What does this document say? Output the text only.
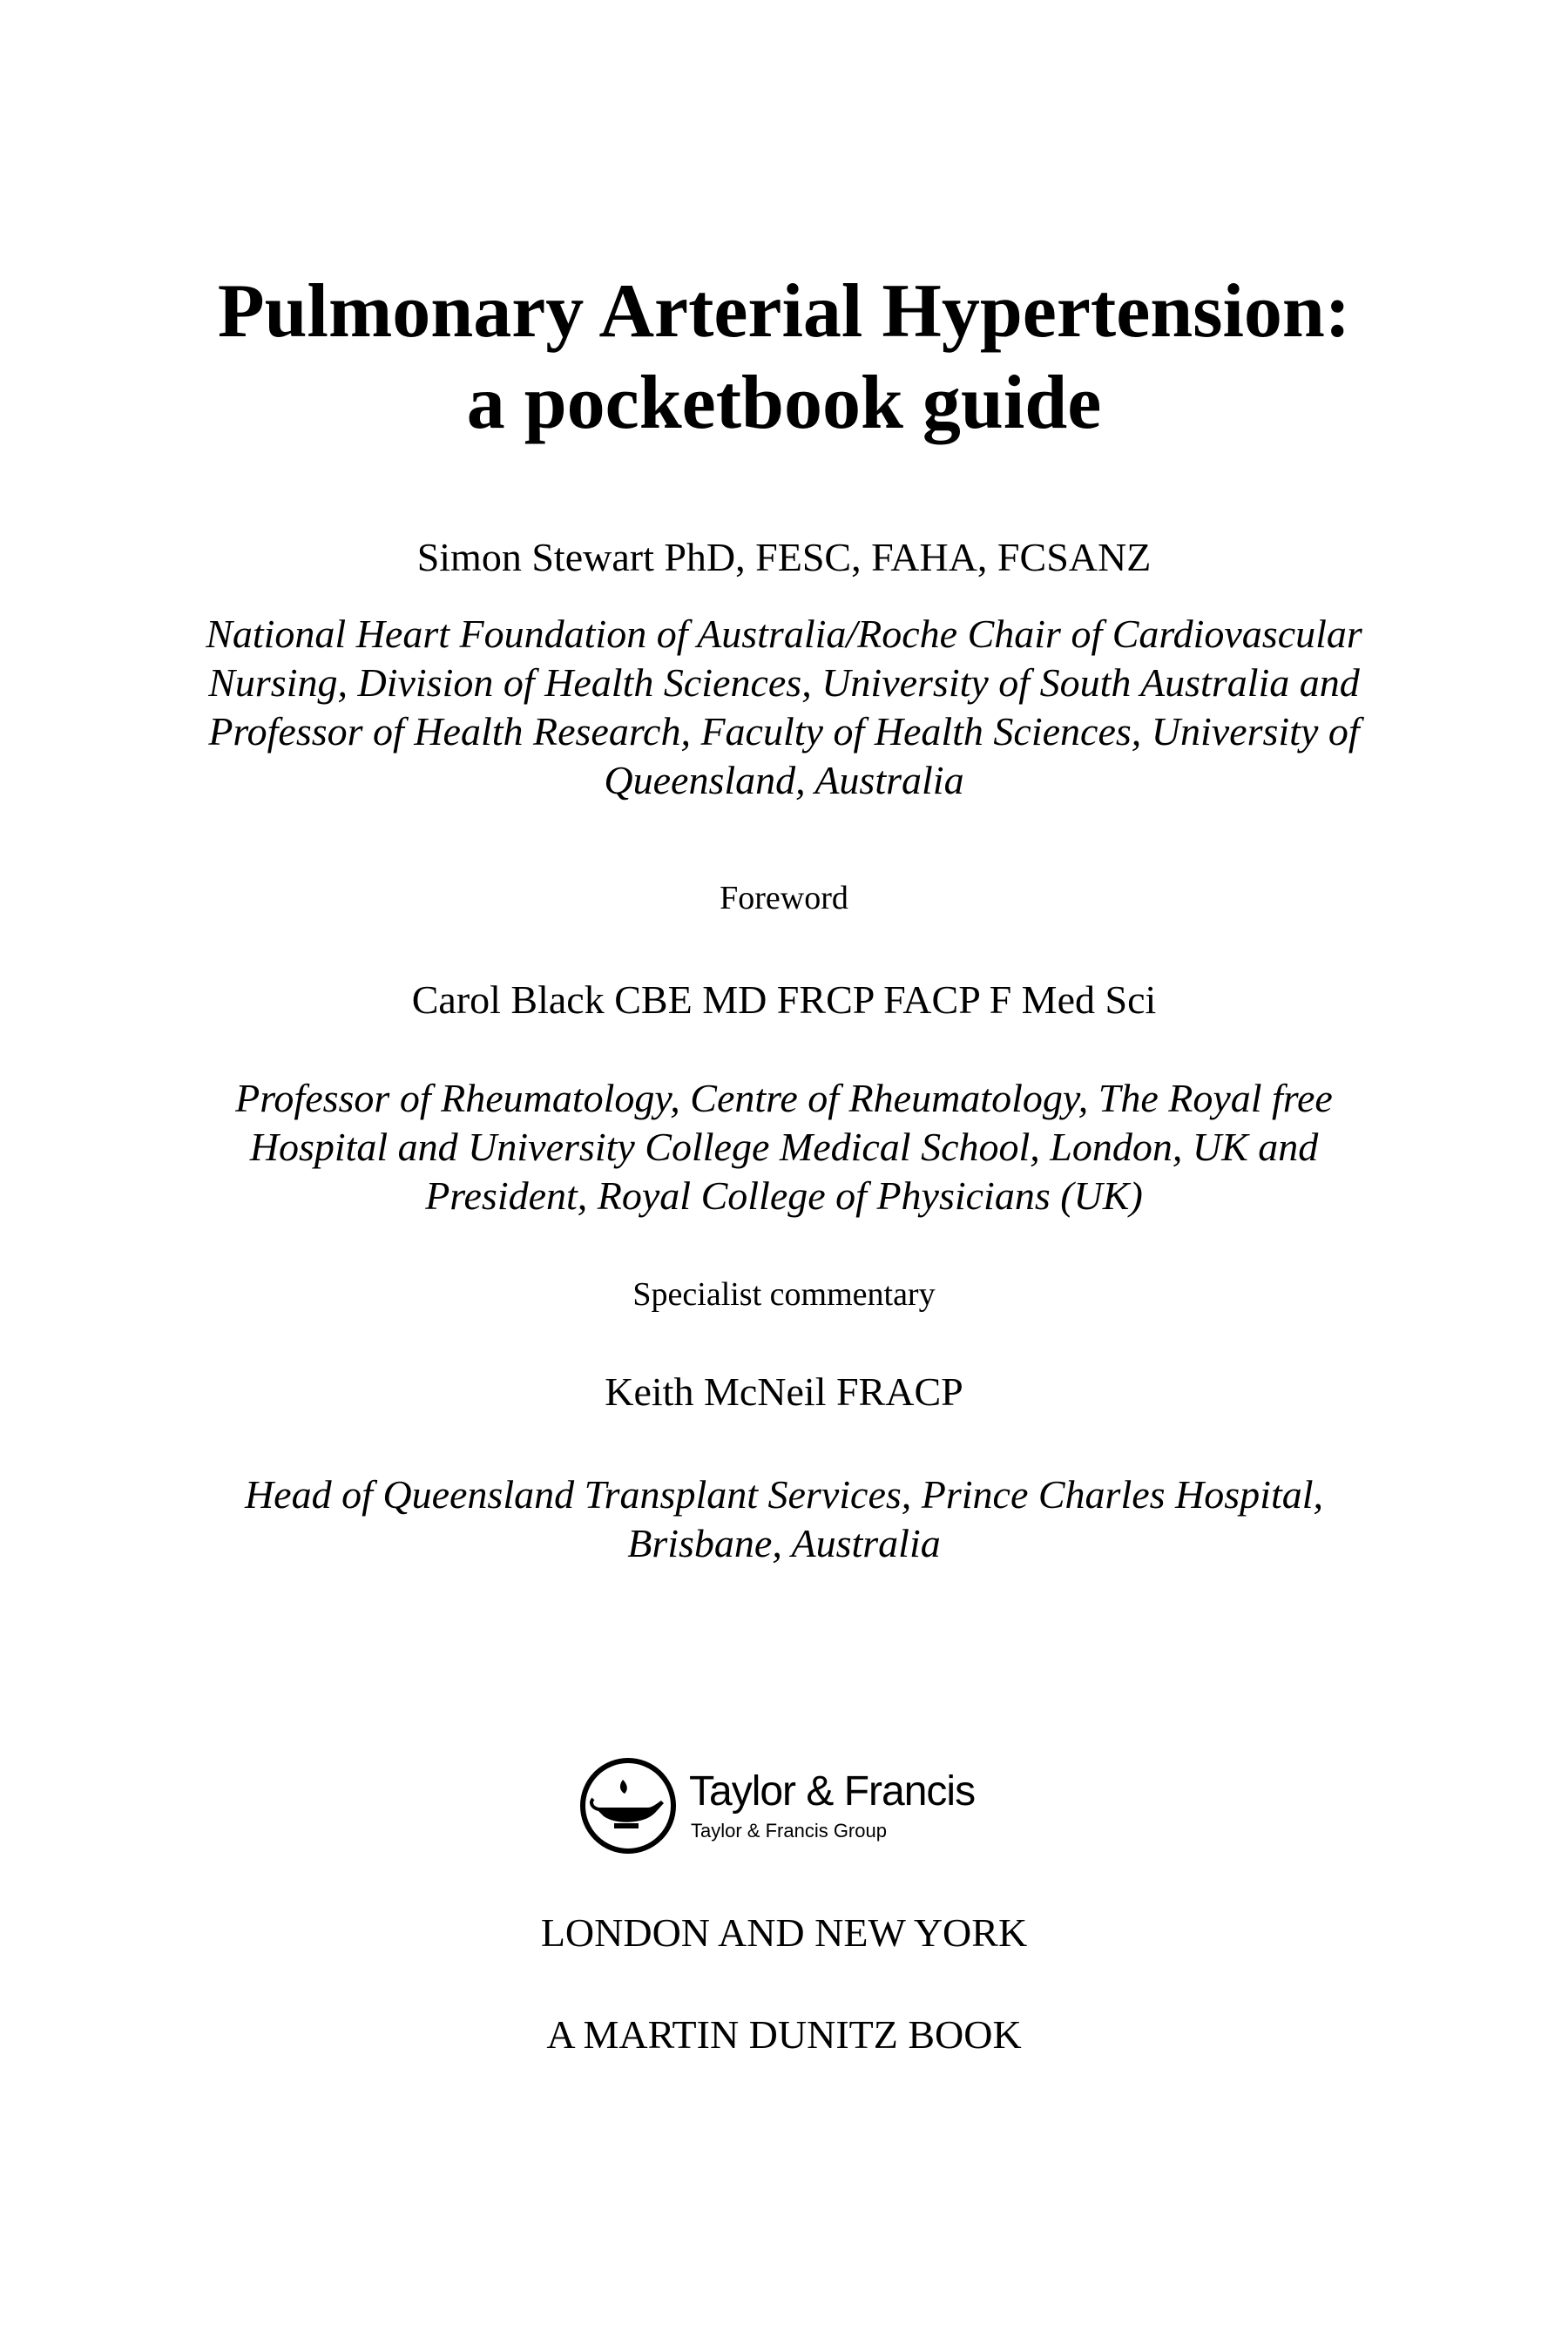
Pulmonary Arterial Hypertension:
a pocketbook guide
Simon Stewart PhD, FESC, FAHA, FCSANZ
National Heart Foundation of Australia/Roche Chair of Cardiovascular
Nursing, Division of Health Sciences, University of South Australia and
Professor of Health Research, Faculty of Health Sciences, University of
Queensland, Australia
Foreword
Carol Black CBE MD FRCP FACP F Med Sci
Professor of Rheumatology, Centre of Rheumatology, The Royal free
Hospital and University College Medical School, London, UK and
President, Royal College of Physicians (UK)
Specialist commentary
Keith McNeil FRACP
Head of Queensland Transplant Services, Prince Charles Hospital,
Brisbane, Australia
Taylor & Francis
Taylor & Francis Group
LONDON AND NEW YORK
A MARTIN DUNITZ BOOK
